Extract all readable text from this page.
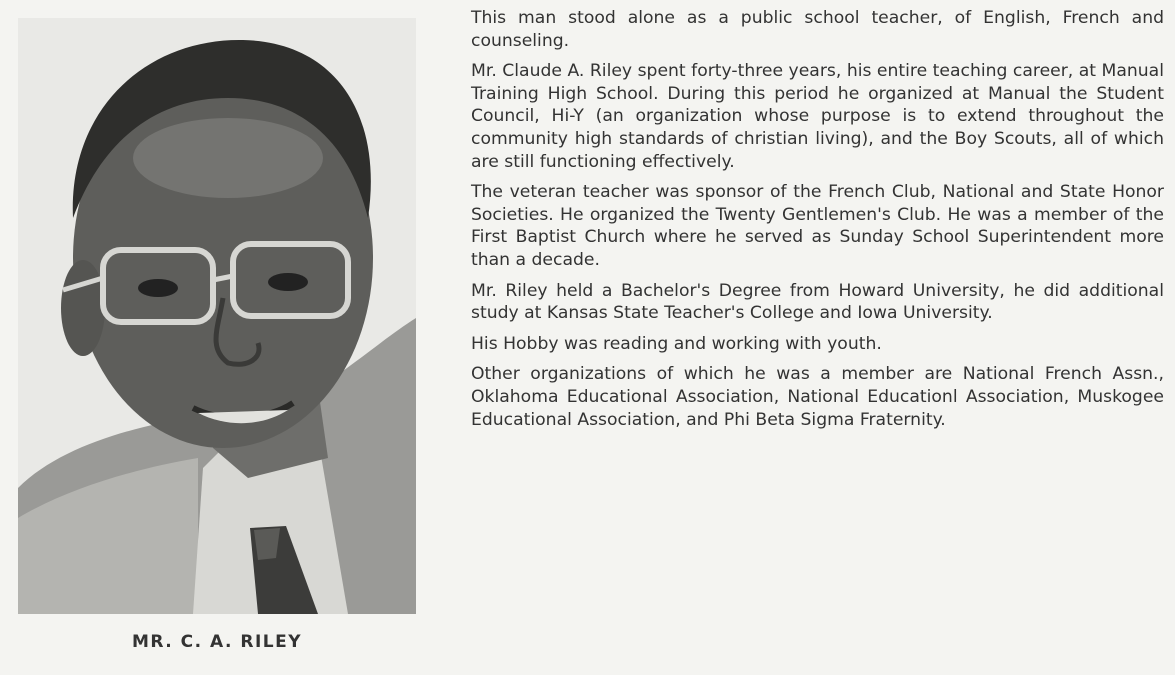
MR. C. A. RILEY

This man stood alone as a public school teacher, of English, French and counseling.

Mr. Claude A. Riley spent forty-three years, his entire teaching career, at Manual Training High School. During this period he organized at Manual the Student Council, Hi-Y (an organization whose purpose is to extend throughout the community high standards of christian living), and the Boy Scouts, all of which are still functioning effectively.

The veteran teacher was sponsor of the French Club, National and State Honor Societies. He organized the Twenty Gentlemen's Club. He was a member of the First Baptist Church where he served as Sunday School Superintendent more than a decade.

Mr. Riley held a Bachelor's Degree from Howard University, he did additional study at Kansas State Teacher's College and Iowa University.

His Hobby was reading and working with youth.

Other organizations of which he was a member are National French Assn., Oklahoma Educational Association, National Educationl Association, Muskogee Educational Association, and Phi Beta Sigma Fraternity.
